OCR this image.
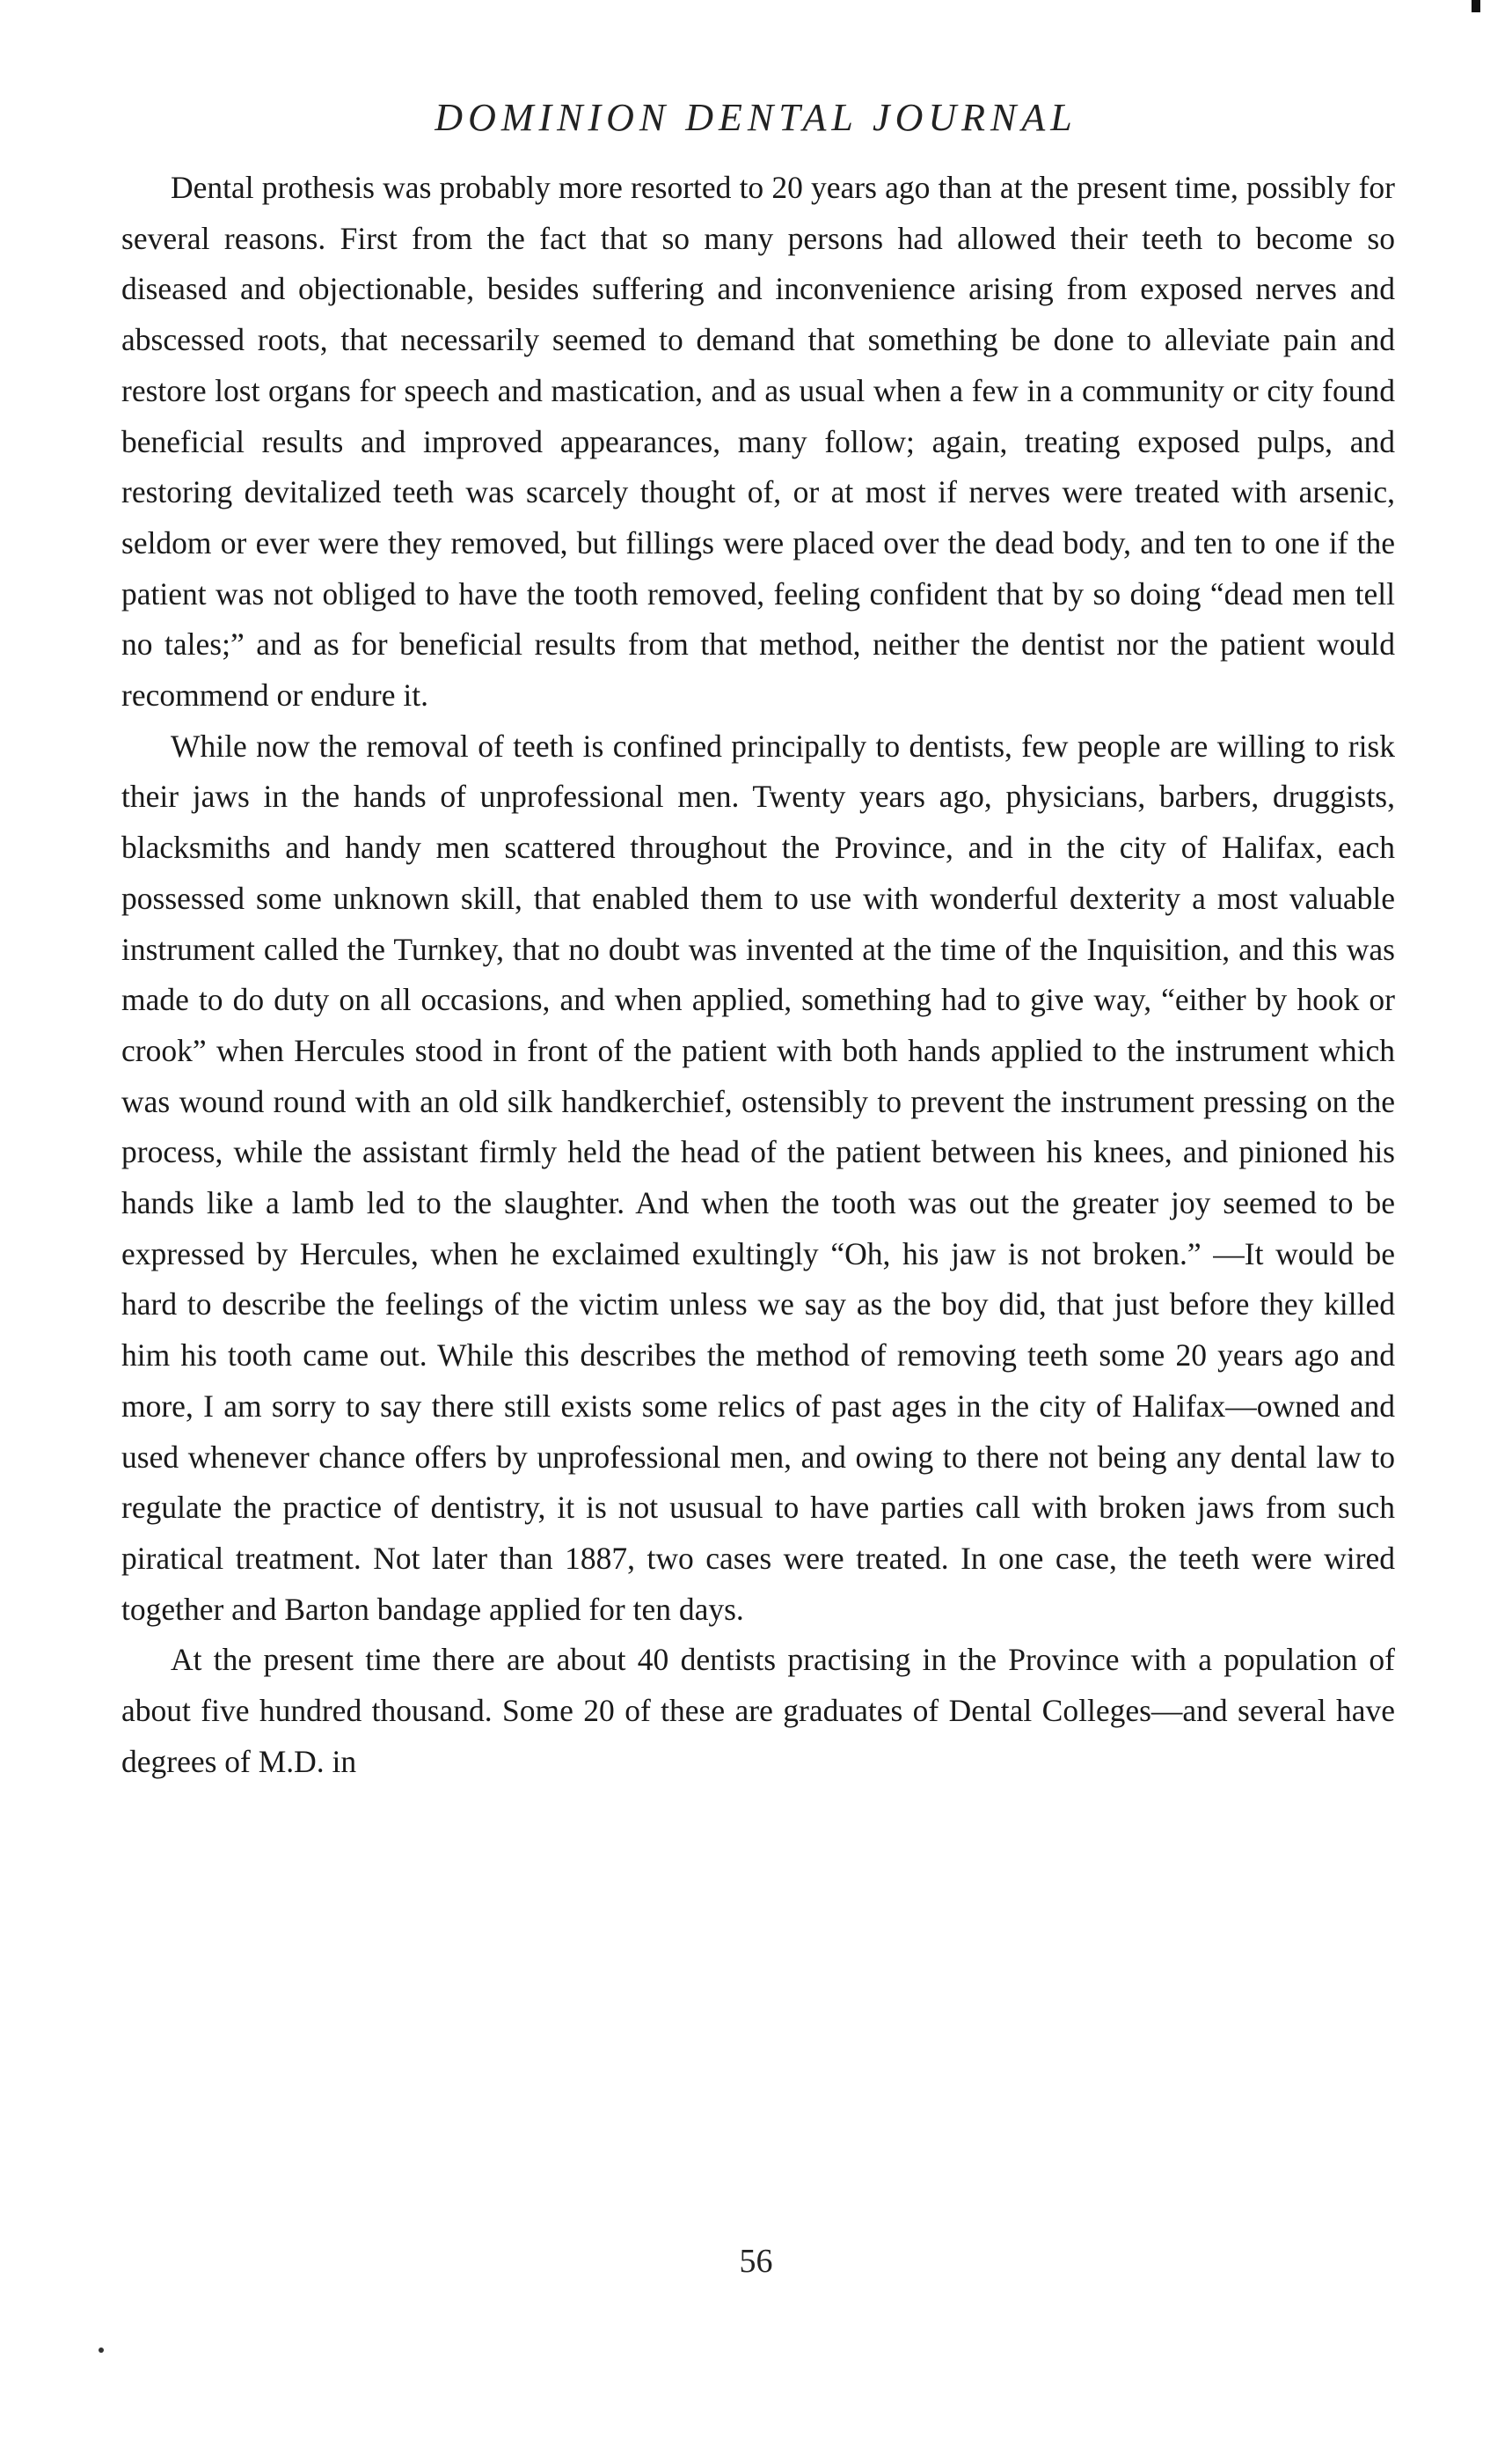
DOMINION DENTAL JOURNAL

Dental prothesis was probably more resorted to 20 years ago than at the present time, possibly for several reasons. First from the fact that so many persons had allowed their teeth to become so diseased and objectionable, besides suffering and inconvenience arising from exposed nerves and abscessed roots, that necessarily seemed to demand that something be done to alleviate pain and restore lost organs for speech and mastication, and as usual when a few in a community or city found beneficial results and improved appearances, many follow; again, treating exposed pulps, and restoring devitalized teeth was scarcely thought of, or at most if nerves were treated with arsenic, seldom or ever were they removed, but fillings were placed over the dead body, and ten to one if the patient was not obliged to have the tooth removed, feeling confident that by so doing “dead men tell no tales;” and as for beneficial results from that method, neither the dentist nor the patient would recommend or endure it.

While now the removal of teeth is confined principally to dentists, few people are willing to risk their jaws in the hands of unprofessional men. Twenty years ago, physicians, barbers, druggists, blacksmiths and handy men scattered throughout the Province, and in the city of Halifax, each possessed some unknown skill, that enabled them to use with wonderful dexterity a most valuable instrument called the Turnkey, that no doubt was invented at the time of the Inquisition, and this was made to do duty on all occasions, and when applied, something had to give way, “either by hook or crook” when Hercules stood in front of the patient with both hands applied to the instrument which was wound round with an old silk handkerchief, ostensibly to prevent the instrument pressing on the process, while the assistant firmly held the head of the patient between his knees, and pinioned his hands like a lamb led to the slaughter. And when the tooth was out the greater joy seemed to be expressed by Hercules, when he exclaimed exultingly “Oh, his jaw is not broken.” —It would be hard to describe the feelings of the victim unless we say as the boy did, that just before they killed him his tooth came out. While this describes the method of removing teeth some 20 years ago and more, I am sorry to say there still exists some relics of past ages in the city of Halifax—owned and used whenever chance offers by unprofessional men, and owing to there not being any dental law to regulate the practice of dentistry, it is not ususual to have parties call with broken jaws from such piratical treatment. Not later than 1887, two cases were treated. In one case, the teeth were wired together and Barton bandage applied for ten days.

At the present time there are about 40 dentists practising in the Province with a population of about five hundred thousand. Some 20 of these are graduates of Dental Colleges—and several have degrees of M.D. in

56
